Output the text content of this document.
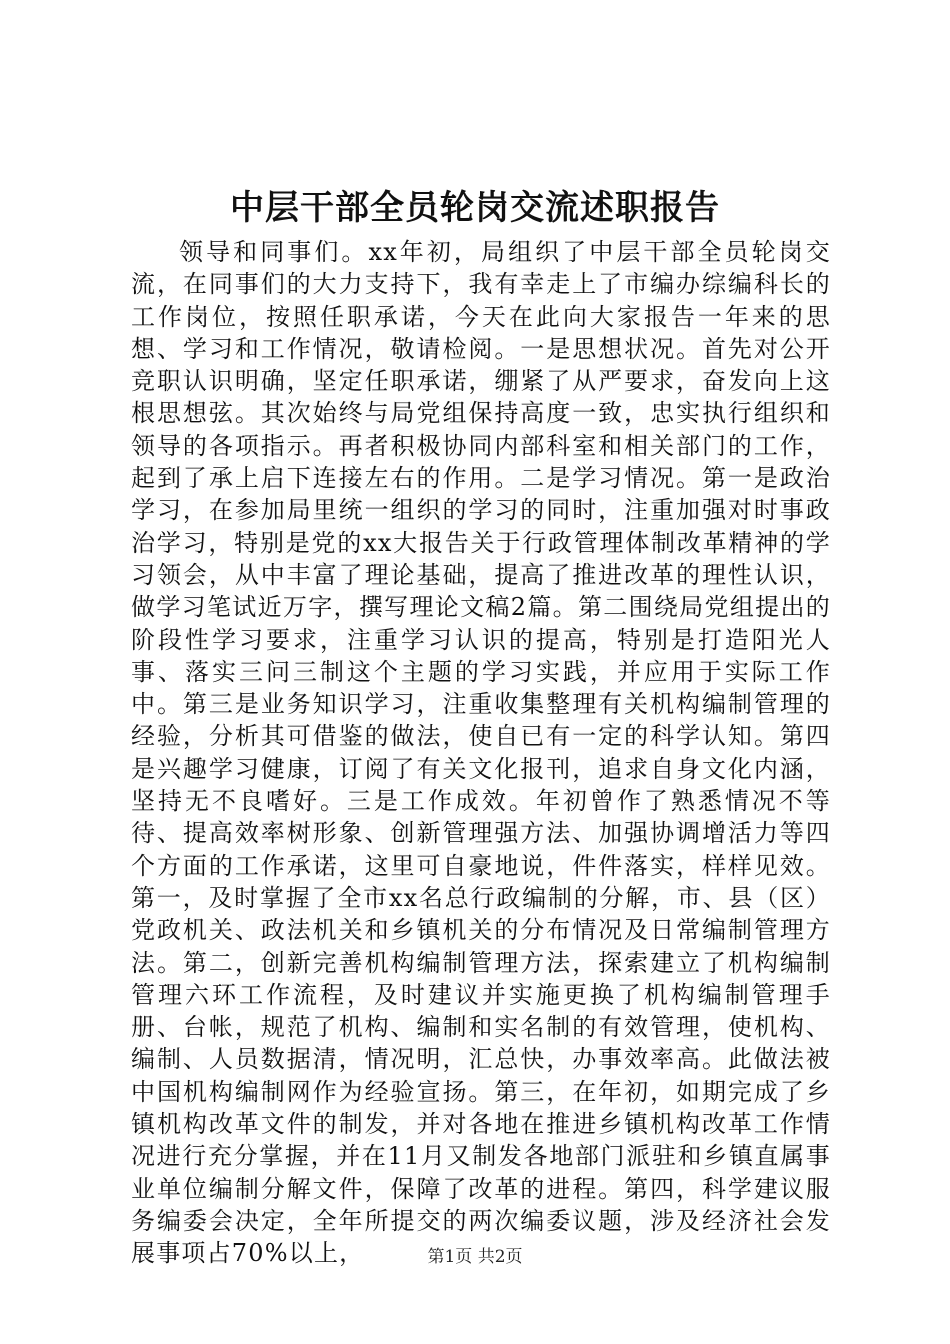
中层干部全员轮岗交流述职报告

领导和同事们。xx年初，局组织了中层干部全员轮岗交流，在同事们的大力支持下，我有幸走上了市编办综编科长的工作岗位，按照任职承诺，今天在此向大家报告一年来的思想、学习和工作情况，敬请检阅。一是思想状况。首先对公开竞职认识明确，坚定任职承诺，绷紧了从严要求，奋发向上这根思想弦。其次始终与局党组保持高度一致，忠实执行组织和领导的各项指示。再者积极协同内部科室和相关部门的工作，起到了承上启下连接左右的作用。二是学习情况。第一是政治学习，在参加局里统一组织的学习的同时，注重加强对时事政治学习，特别是党的xx大报告关于行政管理体制改革精神的学习领会，从中丰富了理论基础，提高了推进改革的理性认识，做学习笔试近万字，撰写理论文稿2篇。第二围绕局党组提出的阶段性学习要求，注重学习认识的提高，特别是打造阳光人事、落实三问三制这个主题的学习实践，并应用于实际工作中。第三是业务知识学习，注重收集整理有关机构编制管理的经验，分析其可借鉴的做法，使自已有一定的科学认知。第四是兴趣学习健康，订阅了有关文化报刊，追求自身文化内涵，坚持无不良嗜好。三是工作成效。年初曾作了熟悉情况不等待、提高效率树形象、创新管理强方法、加强协调增活力等四个方面的工作承诺，这里可自豪地说，件件落实，样样见效。第一，及时掌握了全市xx名总行政编制的分解，市、县（区）党政机关、政法机关和乡镇机关的分布情况及日常编制管理方法。第二，创新完善机构编制管理方法，探索建立了机构编制管理六环工作流程，及时建议并实施更换了机构编制管理手册、台帐，规范了机构、编制和实名制的有效管理，使机构、编制、人员数据清，情况明，汇总快，办事效率高。此做法被中国机构编制网作为经验宣扬。第三，在年初，如期完成了乡镇机构改革文件的制发，并对各地在推进乡镇机构改革工作情况进行充分掌握，并在11月又制发各地部门派驻和乡镇直属事业单位编制分解文件，保障了改革的进程。第四，科学建议服务编委会决定，全年所提交的两次编委议题，涉及经济社会发展事项占70%以上，	第1页 共2页
